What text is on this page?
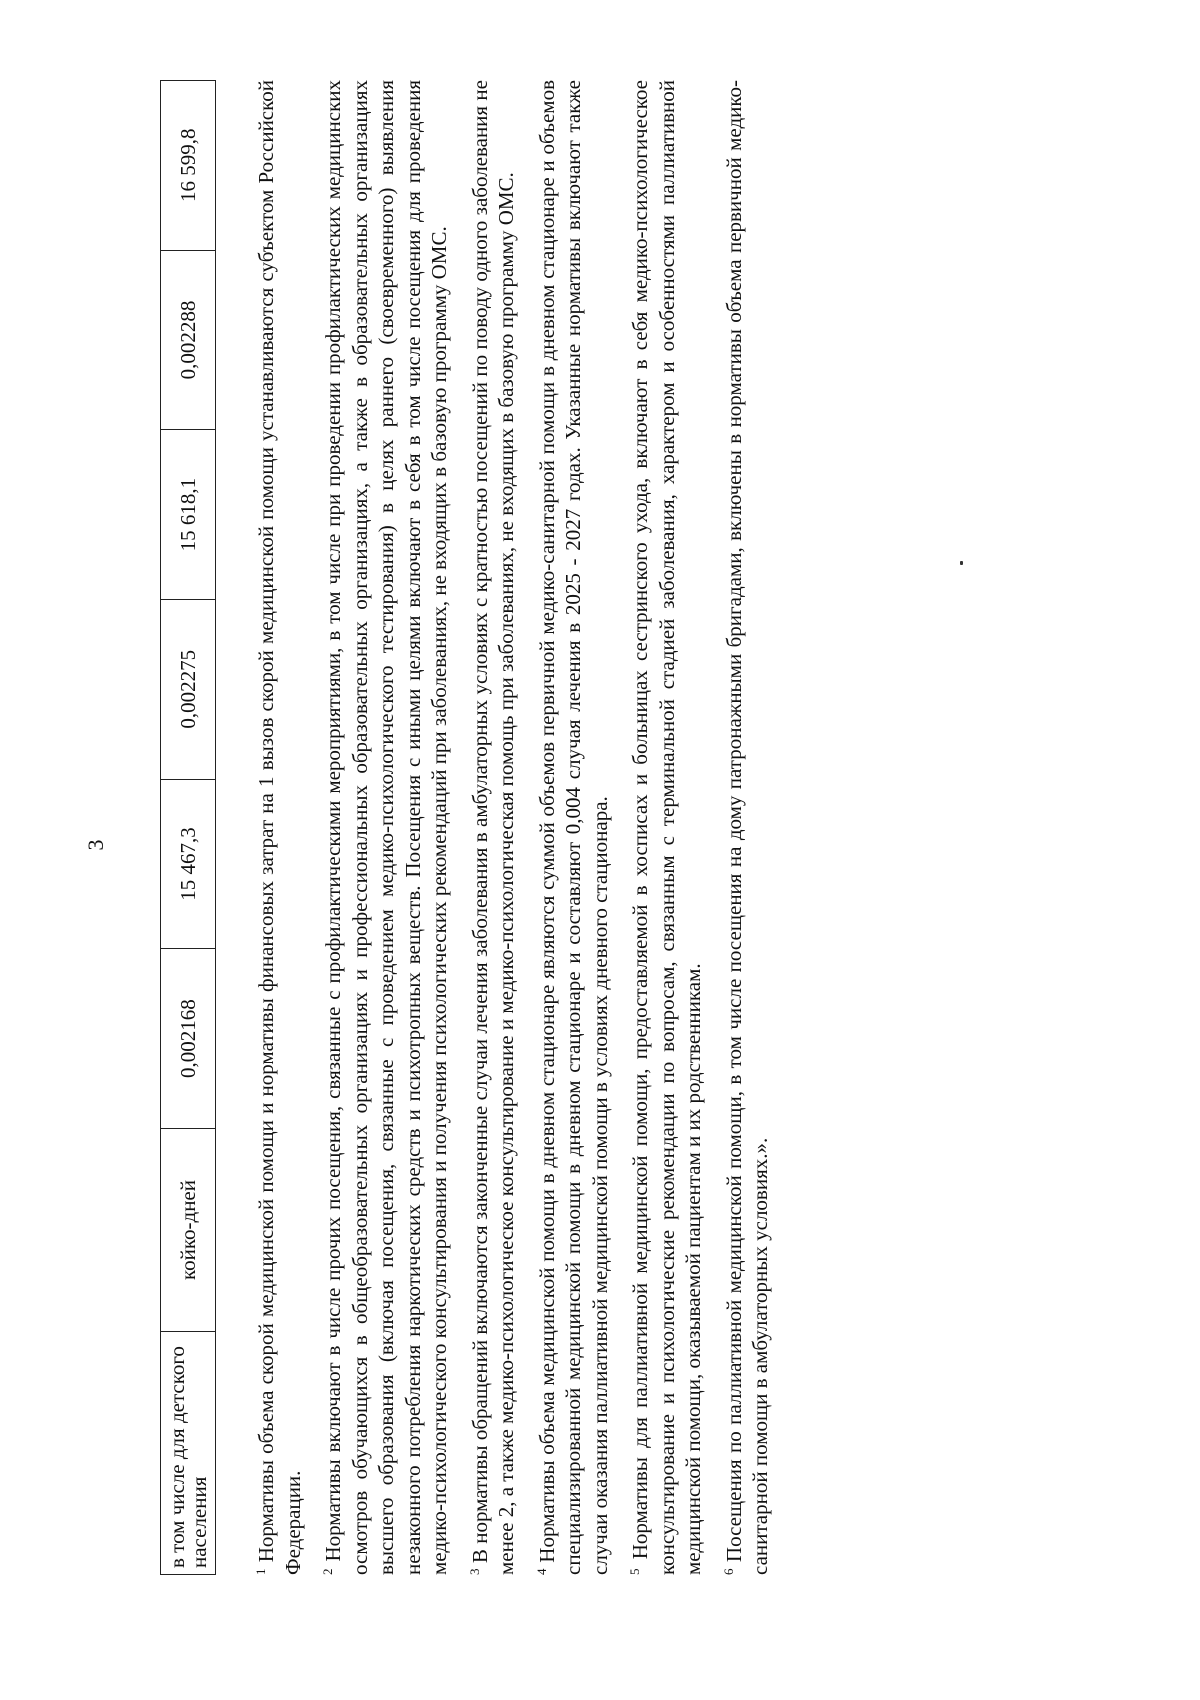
3
в том числе для детского населения	койко-дней	0,002168	15 467,3	0,002275	15 618,1	0,002288	16 599,8

$^1$ Нормативы объема скорой медицинской помощи и нормативы финансовых затрат на 1 вызов скорой медицинской помощи устанавливаются субъектом Российской Федерации. $^2$ Нормативы включают в числе прочих посещения, связанные с профилактическими мероприятиями, в том числе при проведении профилактических медицинских осмотров обучающихся в общеобразовательных организациях и профессиональных образовательных организациях, а также в образовательных организациях высшего образования (включая посещения, связанные с проведением медико-психологического тестирования) в целях раннего (своевременного) выявления незаконного потребления наркотических средств и психотропных веществ. Посещения с иными целями включают в себя в том числе посещения для проведения медико-психологического консультирования и получения психологических рекомендаций при заболеваниях, не входящих в базовую программу ОМС. $^3$ В нормативы обращений включаются законченные случаи лечения заболевания в амбулаторных условиях с кратностью посещений по поводу одного заболевания не менее 2, а также медико-психологическое консультирование и медико-психологическая помощь при заболеваниях, не входящих в базовую программу ОМС. $^4$ Нормативы объема медицинской помощи в дневном стационаре являются суммой объемов первичной медико-санитарной помощи в дневном стационаре и объемов специализированной медицинской помощи в дневном стационаре и составляют 0,004 случая лечения в 2025 - 2027 годах. Указанные нормативы включают также случаи оказания паллиативной медицинской помощи в условиях дневного стационара. $^5$ Нормативы для паллиативной медицинской помощи, предоставляемой в хосписах и больницах сестринского ухода, включают в себя медико-психологическое консультирование и психологические рекомендации по вопросам, связанным с терминальной стадией заболевания, характером и особенностями паллиативной медицинской помощи, оказываемой пациентам и их родственникам. $^6$ Посещения по паллиативной медицинской помощи, в том числе посещения на дому патронажными бригадами, включены в нормативы объема первичной медико-санитарной помощи в амбулаторных условиях.».
